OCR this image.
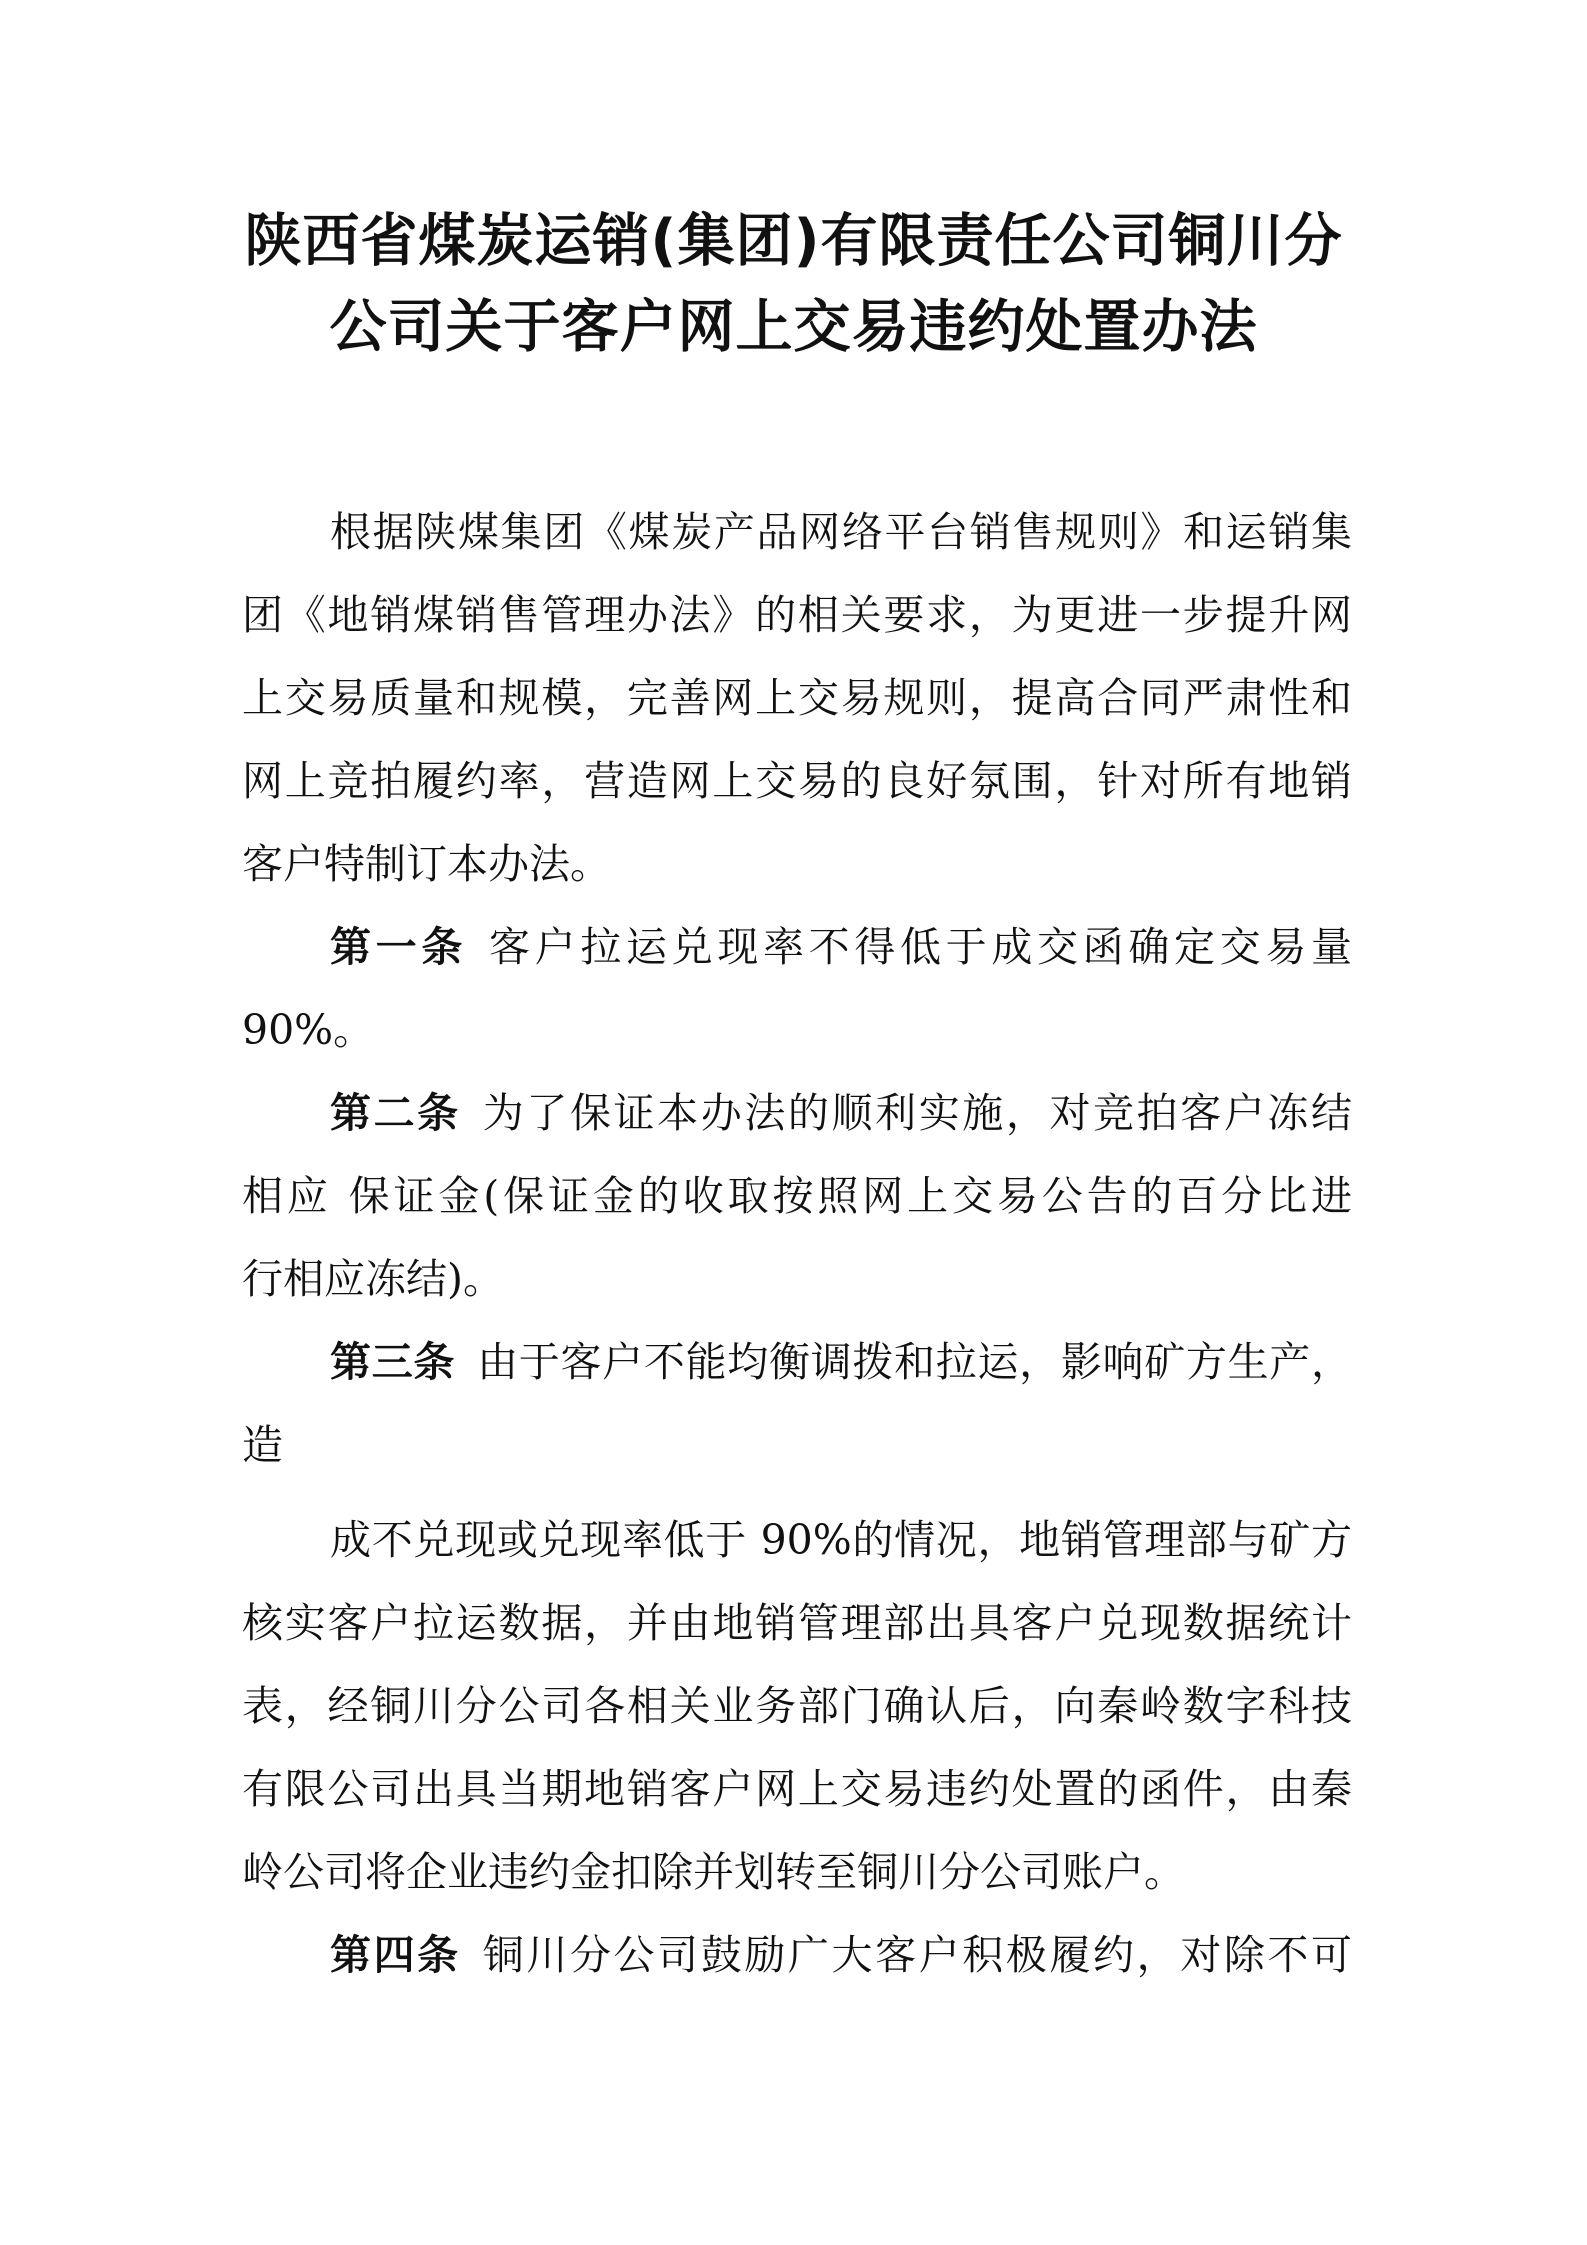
陕西省煤炭运销(集团)有限责任公司铜川分
公司关于客户网上交易违约处置办法
根据陕煤集团《煤炭产品网络平台销售规则》和运销集
团《地销煤销售管理办法》的相关要求，为更进一步提升网
上交易质量和规模，完善网上交易规则，提高合同严肃性和
网上竞拍履约率，营造网上交易的良好氛围，针对所有地销
客户特制订本办法。
第一条 客户拉运兑现率不得低于成交函确定交易量
90%。
第二条 为了保证本办法的顺利实施，对竞拍客户冻结
相应 保证金(保证金的收取按照网上交易公告的百分比进
行相应冻结)。
第三条 由于客户不能均衡调拨和拉运，影响矿方生产，
造
成不兑现或兑现率低于 90%的情况，地销管理部与矿方
核实客户拉运数据，并由地销管理部出具客户兑现数据统计
表，经铜川分公司各相关业务部门确认后，向秦岭数字科技
有限公司出具当期地销客户网上交易违约处置的函件，由秦
岭公司将企业违约金扣除并划转至铜川分公司账户。
第四条 铜川分公司鼓励广大客户积极履约，对除不可
